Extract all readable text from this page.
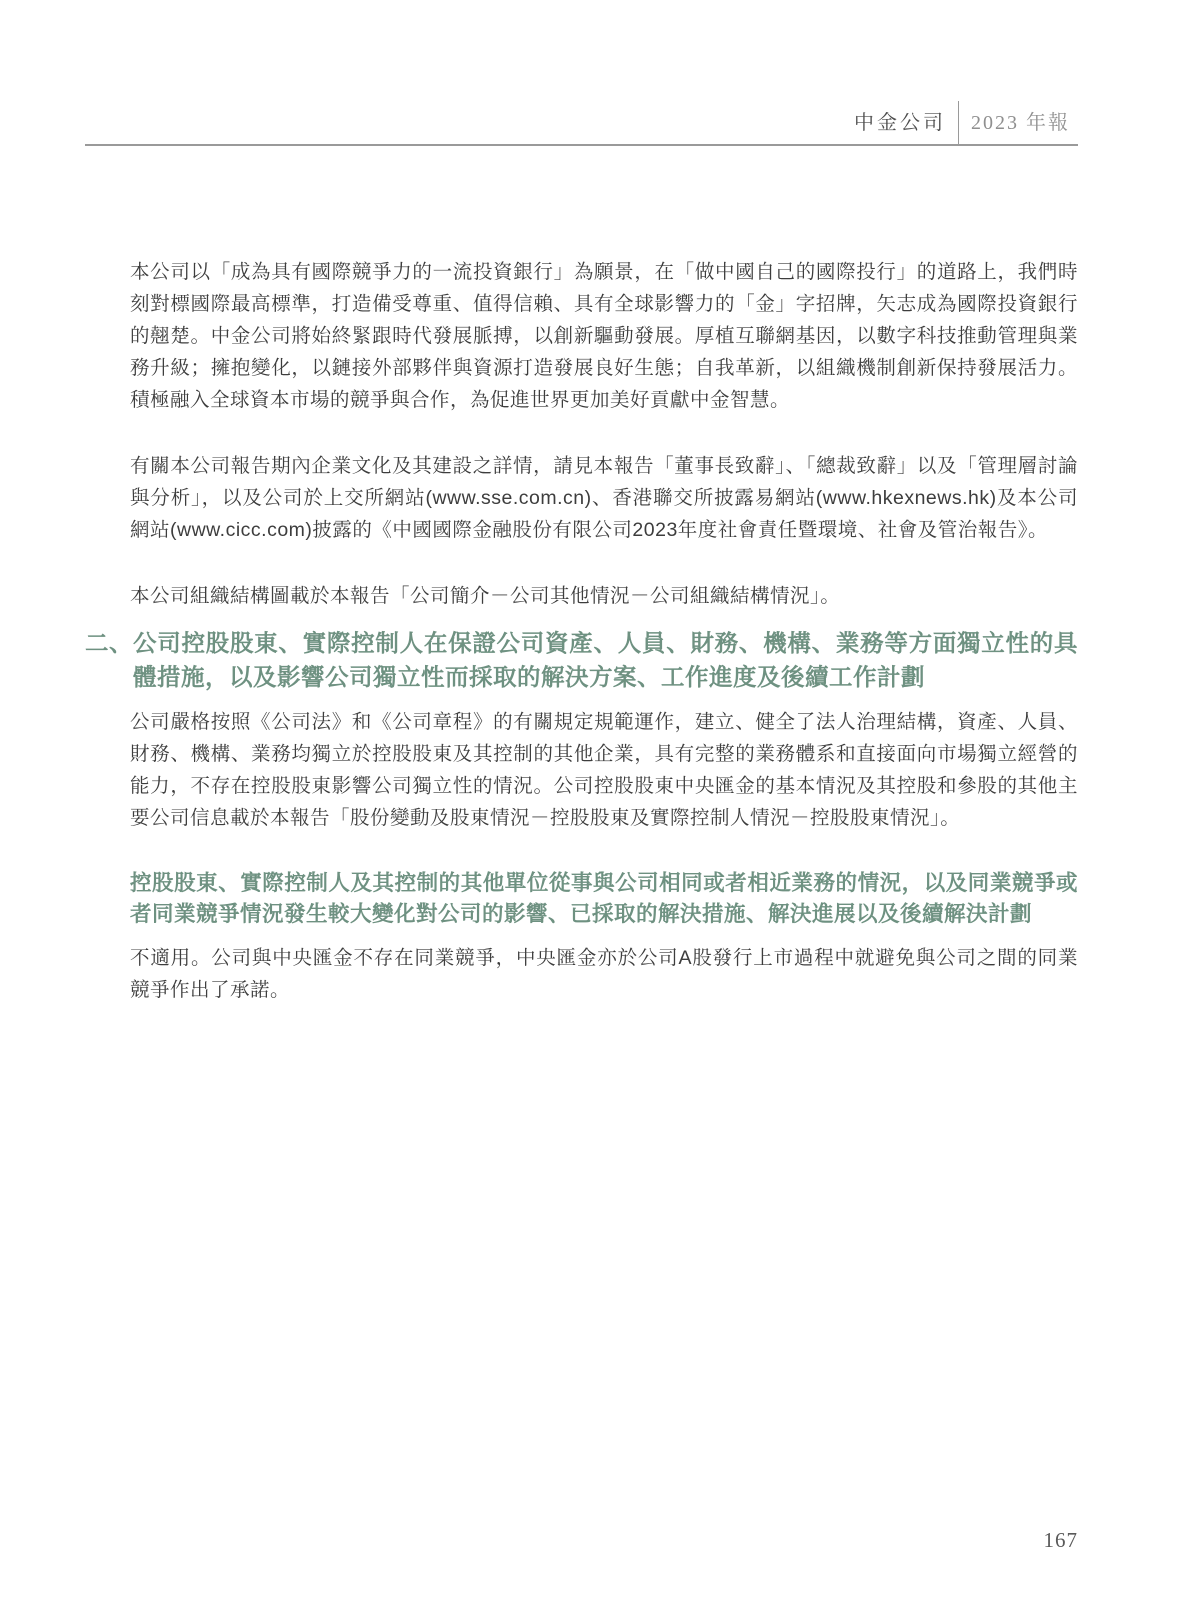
中金公司	2023 年報

本公司以「成為具有國際競爭力的一流投資銀行」為願景，在「做中國自己的國際投行」的道路上，我們時刻對標國際最高標準，打造備受尊重、值得信賴、具有全球影響力的「金」字招牌，矢志成為國際投資銀行的翹楚。中金公司將始終緊跟時代發展脈搏，以創新驅動發展。厚植互聯網基因，以數字科技推動管理與業務升級；擁抱變化，以鏈接外部夥伴與資源打造發展良好生態；自我革新，以組織機制創新保持發展活力。積極融入全球資本市場的競爭與合作，為促進世界更加美好貢獻中金智慧。

有關本公司報告期內企業文化及其建設之詳情，請見本報告「董事長致辭」、「總裁致辭」以及「管理層討論與分析」，以及公司於上交所網站(www.sse.com.cn)、香港聯交所披露易網站(www.hkexnews.hk)及本公司網站(www.cicc.com)披露的《中國國際金融股份有限公司2023年度社會責任暨環境、社會及管治報告》。

本公司組織結構圖載於本報告「公司簡介－公司其他情況－公司組織結構情況」。

二、 公司控股股東、實際控制人在保證公司資產、人員、財務、機構、業務等方面獨立性的具體措施，以及影響公司獨立性而採取的解決方案、工作進度及後續工作計劃

公司嚴格按照《公司法》和《公司章程》的有關規定規範運作，建立、健全了法人治理結構，資產、人員、財務、機構、業務均獨立於控股股東及其控制的其他企業，具有完整的業務體系和直接面向市場獨立經營的能力，不存在控股股東影響公司獨立性的情況。公司控股股東中央匯金的基本情況及其控股和參股的其他主要公司信息載於本報告「股份變動及股東情況－控股股東及實際控制人情況－控股股東情況」。

控股股東、實際控制人及其控制的其他單位從事與公司相同或者相近業務的情況，以及同業競爭或者同業競爭情況發生較大變化對公司的影響、已採取的解決措施、解決進展以及後續解決計劃

不適用。公司與中央匯金不存在同業競爭，中央匯金亦於公司A股發行上市過程中就避免與公司之間的同業競爭作出了承諾。

167
